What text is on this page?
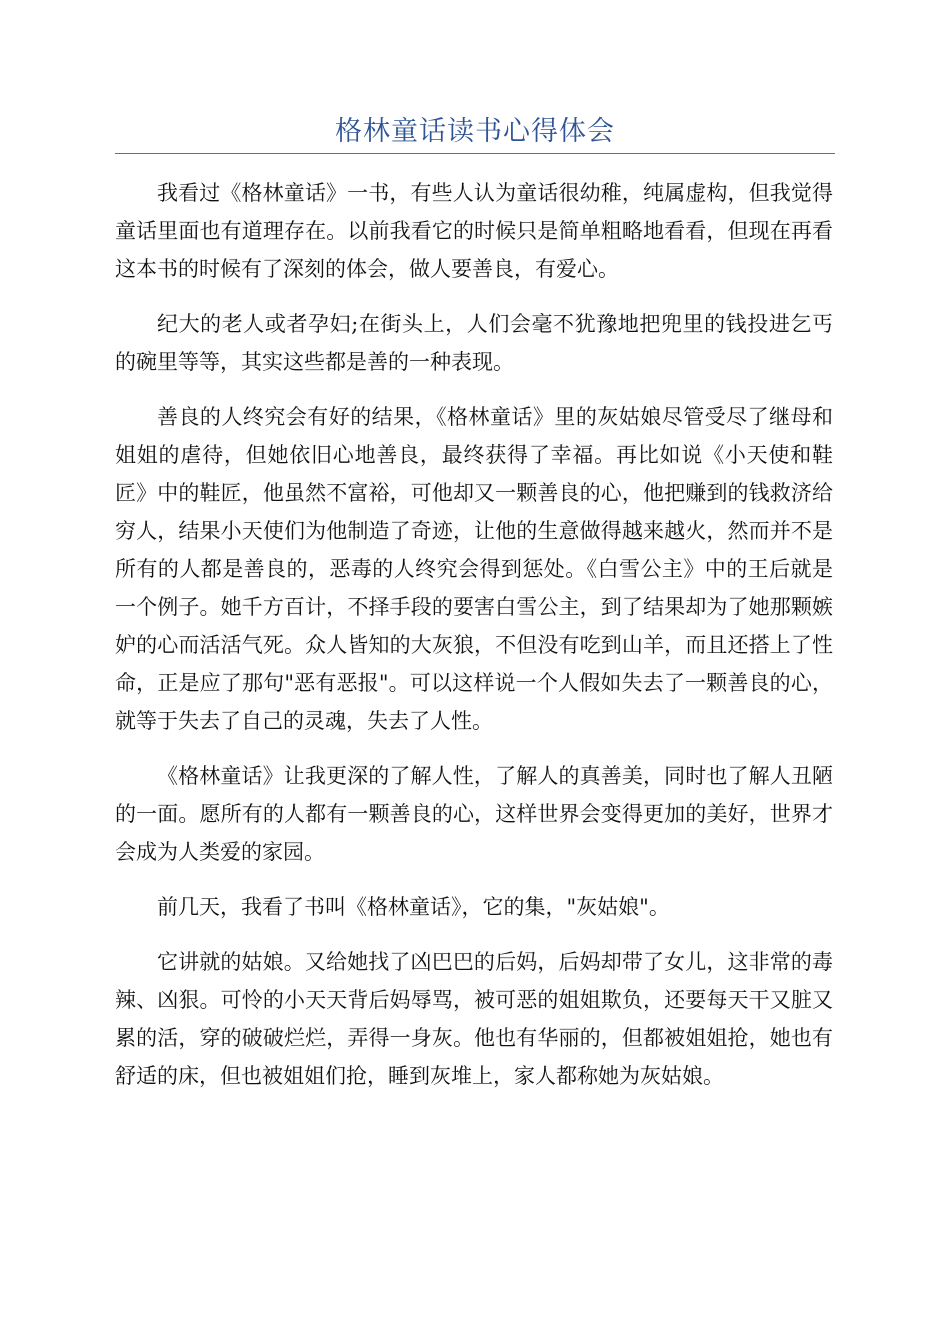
格林童话读书心得体会

我看过《格林童话》一书，有些人认为童话很幼稚，纯属虚构，但我觉得童话里面也有道理存在。以前我看它的时候只是简单粗略地看看，但现在再看这本书的时候有了深刻的体会，做人要善良，有爱心。

纪大的老人或者孕妇;在街头上，人们会毫不犹豫地把兜里的钱投进乞丐的碗里等等，其实这些都是善的一种表现。

善良的人终究会有好的结果，《格林童话》里的灰姑娘尽管受尽了继母和姐姐的虐待，但她依旧心地善良，最终获得了幸福。再比如说《小天使和鞋匠》中的鞋匠，他虽然不富裕，可他却又一颗善良的心，他把赚到的钱救济给穷人，结果小天使们为他制造了奇迹，让他的生意做得越来越火，然而并不是所有的人都是善良的，恶毒的人终究会得到惩处。《白雪公主》中的王后就是一个例子。她千方百计，不择手段的要害白雪公主，到了结果却为了她那颗嫉妒的心而活活气死。众人皆知的大灰狼，不但没有吃到山羊，而且还搭上了性命，正是应了那句"恶有恶报"。可以这样说一个人假如失去了一颗善良的心，就等于失去了自己的灵魂，失去了人性。

《格林童话》让我更深的了解人性，了解人的真善美，同时也了解人丑陋的一面。愿所有的人都有一颗善良的心，这样世界会变得更加的美好，世界才会成为人类爱的家园。

前几天，我看了书叫《格林童话》，它的集，"灰姑娘"。

它讲就的姑娘。又给她找了凶巴巴的后妈，后妈却带了女儿，这非常的毒辣、凶狠。可怜的小天天背后妈辱骂，被可恶的姐姐欺负，还要每天干又脏又累的活，穿的破破烂烂，弄得一身灰。他也有华丽的，但都被姐姐抢，她也有舒适的床，但也被姐姐们抢，睡到灰堆上，家人都称她为灰姑娘。
